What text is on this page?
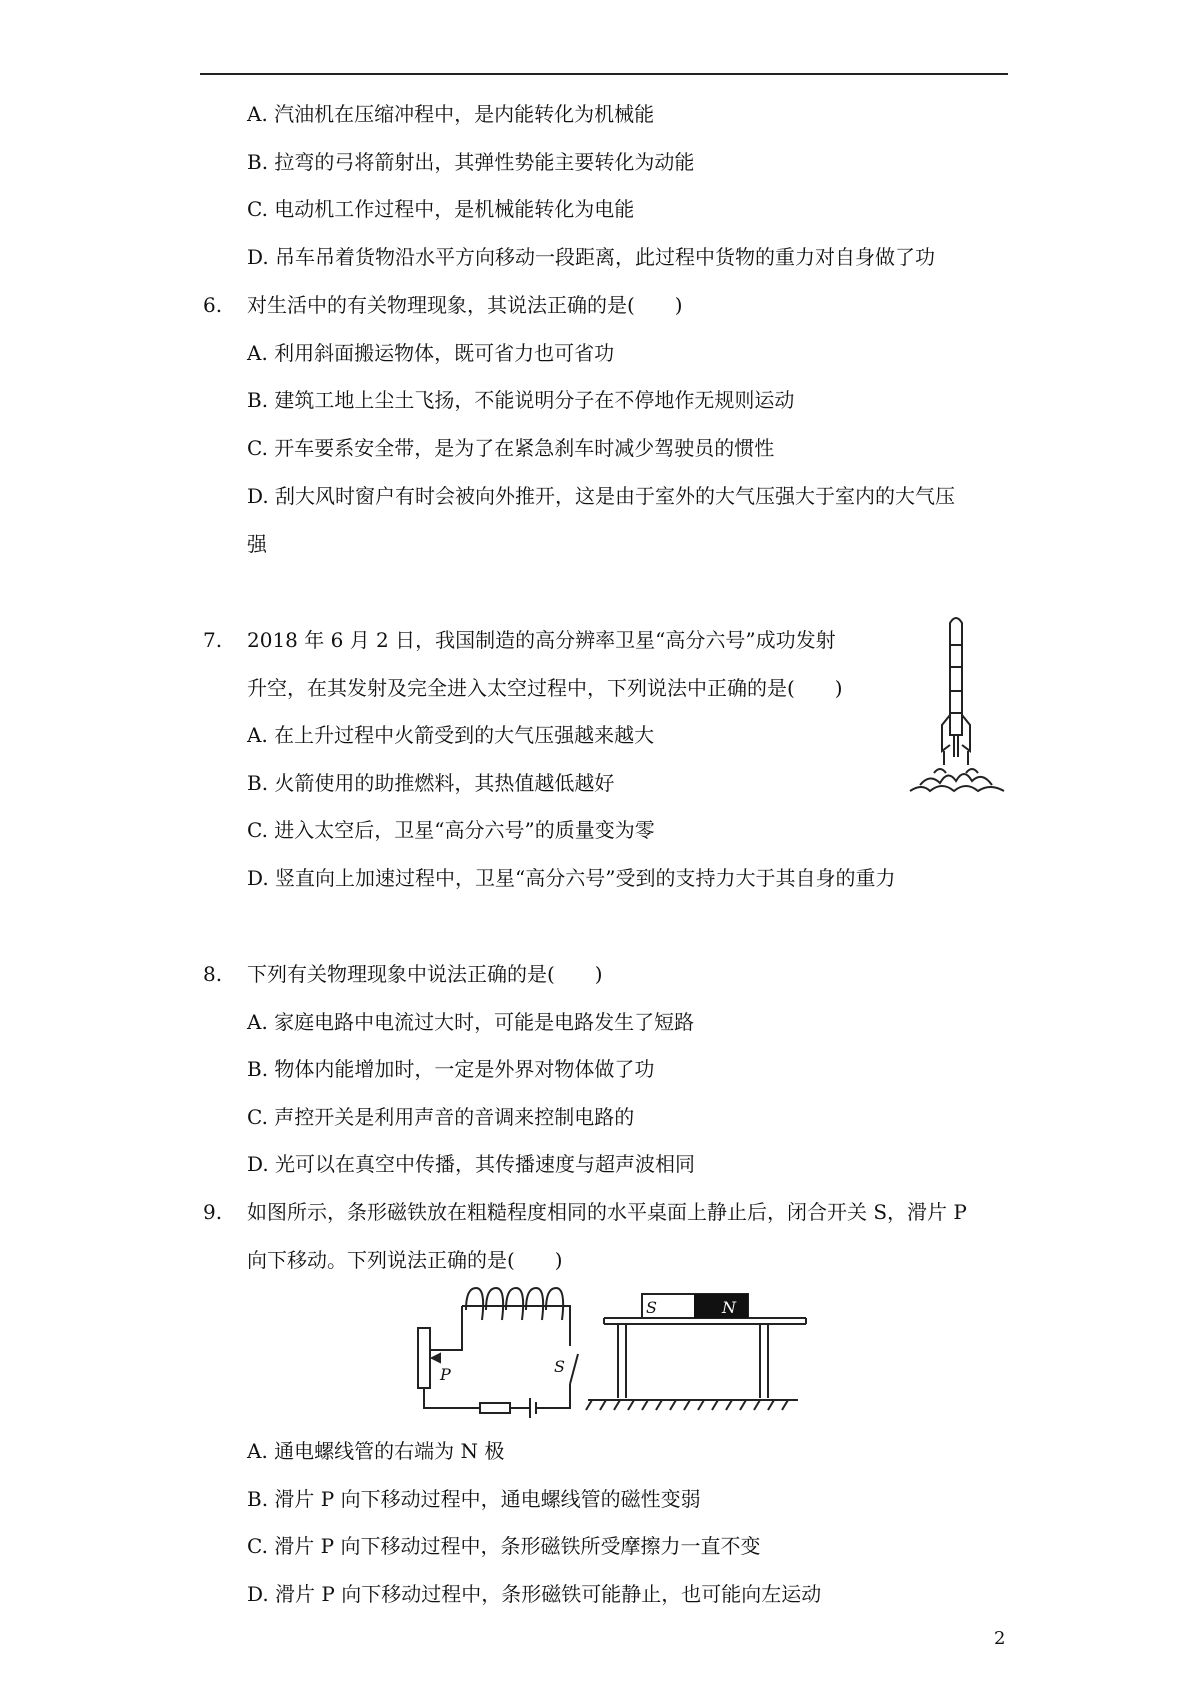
A. 汽油机在压缩冲程中，是内能转化为机械能
B. 拉弯的弓将箭射出，其弹性势能主要转化为动能
C. 电动机工作过程中，是机械能转化为电能
D. 吊车吊着货物沿水平方向移动一段距离，此过程中货物的重力对自身做了功
6. 对生活中的有关物理现象，其说法正确的是(　　)
A. 利用斜面搬运物体，既可省力也可省功
B. 建筑工地上尘土飞扬，不能说明分子在不停地作无规则运动
C. 开车要系安全带，是为了在紧急刹车时减少驾驶员的惯性
D. 刮大风时窗户有时会被向外推开，这是由于室外的大气压强大于室内的大气压
强
7. 2018 年 6 月 2 日，我国制造的高分辨率卫星“高分六号”成功发射
升空，在其发射及完全进入太空过程中，下列说法中正确的是(　　)
A. 在上升过程中火箭受到的大气压强越来越大
B. 火箭使用的助推燃料，其热值越低越好
C. 进入太空后，卫星“高分六号”的质量变为零
D. 竖直向上加速过程中，卫星“高分六号”受到的支持力大于其自身的重力
8. 下列有关物理现象中说法正确的是(　　)
A. 家庭电路中电流过大时，可能是电路发生了短路
B. 物体内能增加时，一定是外界对物体做了功
C. 声控开关是利用声音的音调来控制电路的
D. 光可以在真空中传播，其传播速度与超声波相同
9. 如图所示，条形磁铁放在粗糙程度相同的水平桌面上静止后，闭合开关 S，滑片 P
向下移动。下列说法正确的是(　　)
S	N
S
P
A. 通电螺线管的右端为 N 极
B. 滑片 P 向下移动过程中，通电螺线管的磁性变弱
C. 滑片 P 向下移动过程中，条形磁铁所受摩擦力一直不变
D. 滑片 P 向下移动过程中，条形磁铁可能静止，也可能向左运动
2
